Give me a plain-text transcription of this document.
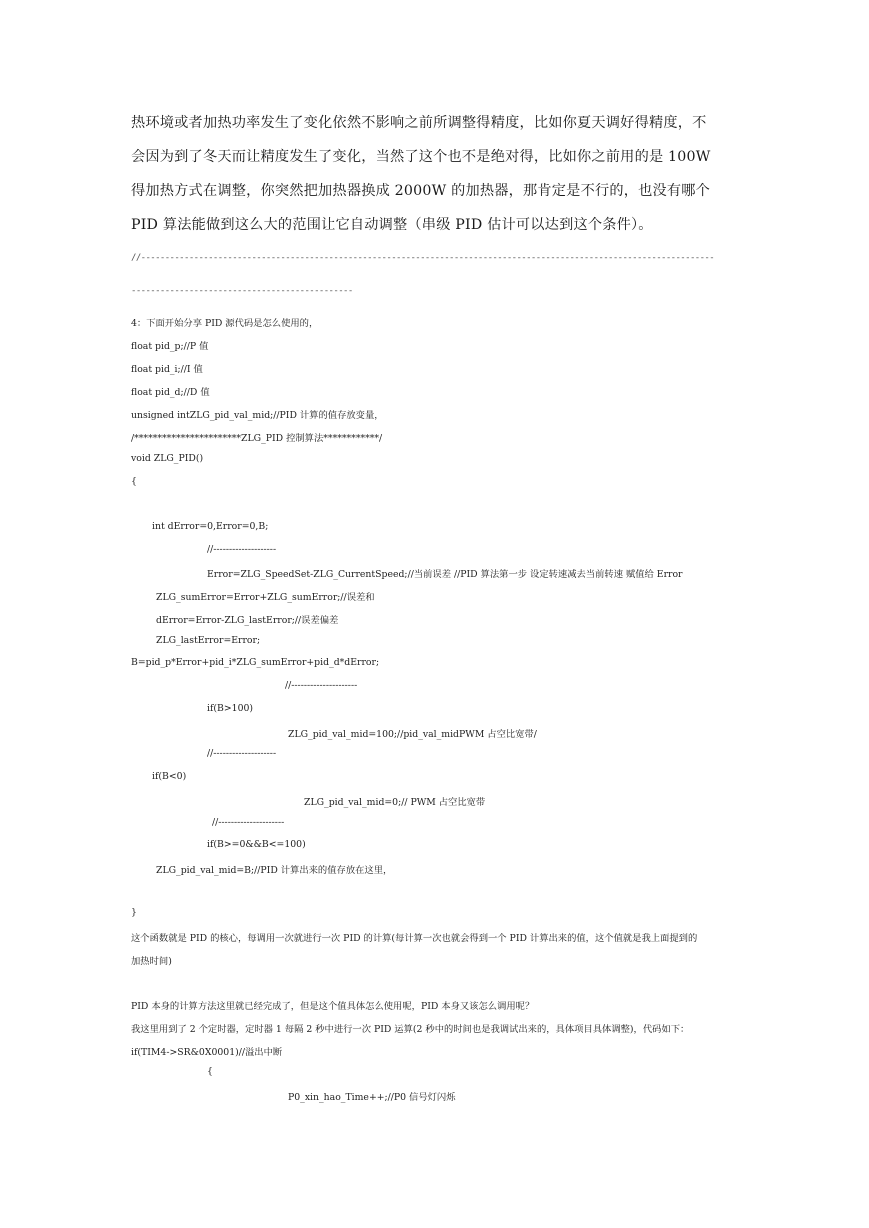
热环境或者加热功率发生了变化依然不影响之前所调整得精度，比如你夏天调好得精度，不
会因为到了冬天而让精度发生了变化，当然了这个也不是绝对得，比如你之前用的是 100W
得加热方式在调整，你突然把加热器换成 2000W 的加热器，那肯定是不行的，也没有哪个
PID 算法能做到这么大的范围让它自动调整（串级 PID 估计可以达到这个条件）。
//-----------------------------------------------------------------------------------------------------------------------
----------------------------------------------
4：下面开始分享 PID 源代码是怎么使用的，
float pid_p;//P 值
float pid_i;//I 值
float pid_d;//D 值
unsigned intZLG_pid_val_mid;//PID 计算的值存放变量，
/***********************ZLG_PID 控制算法************/
void ZLG_PID()
{
int dError=0,Error=0,B;
//--------------------
Error=ZLG_SpeedSet-ZLG_CurrentSpeed;//当前误差 //PID 算法第一步 设定转速减去当前转速 赋值给 Error
ZLG_sumError=Error+ZLG_sumError;//误差和
dError=Error-ZLG_lastError;//误差偏差
ZLG_lastError=Error;
B=pid_p*Error+pid_i*ZLG_sumError+pid_d*dError;
//---------------------
if(B>100)
ZLG_pid_val_mid=100;//pid_val_midPWM 占空比宽带/
//--------------------
if(B<0)
ZLG_pid_val_mid=0;// PWM 占空比宽带
//---------------------
if(B>=0&&B<=100)
ZLG_pid_val_mid=B;//PID 计算出来的值存放在这里，
}
这个函数就是 PID 的核心，每调用一次就进行一次 PID 的计算(每计算一次也就会得到一个 PID 计算出来的值，这个值就是我上面提到的
加热时间)
PID 本身的计算方法这里就已经完成了，但是这个值具体怎么使用呢，PID 本身又该怎么调用呢？
我这里用到了 2 个定时器，定时器 1 每隔 2 秒中进行一次 PID 运算(2 秒中的时间也是我调试出来的，具体项目具体调整)，代码如下：
if(TIM4->SR&0X0001)//溢出中断
{
P0_xin_hao_Time++;//P0 信号灯闪烁
